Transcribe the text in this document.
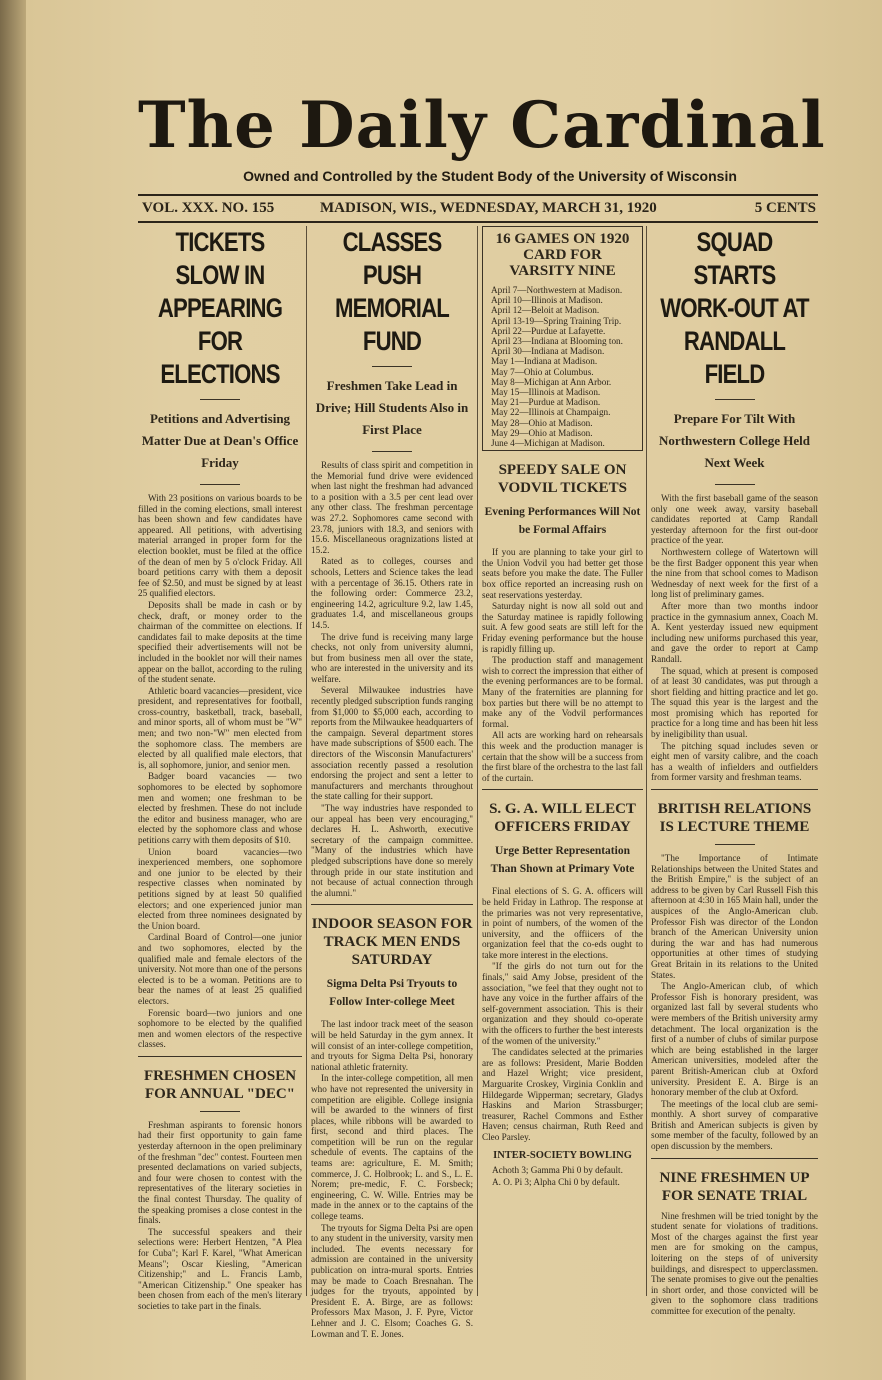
The Daily Cardinal
Owned and Controlled by the Student Body of the University of Wisconsin
VOL. XXX. NO. 155	MADISON, WIS., WEDNESDAY, MARCH 31, 1920	5 CENTS
TICKETS SLOW IN APPEARING FOR ELECTIONS
Petitions and Advertising Matter Due at Dean's Office Friday

With 23 positions on various boards to be filled in the coming elections, small interest has been shown and few candidates have appeared. All petitions, with advertising material arranged in proper form for the election booklet, must be filed at the office of the dean of men by 5 o'clock Friday. All board petitions carry with them a deposit fee of $2.50, and must be signed by at least 25 qualified electors.

Deposits shall be made in cash or by check, draft, or money order to the chairman of the committee on elections. If candidates fail to make deposits at the time specified their advertisements will not be included in the booklet nor will their names appear on the ballot, according to the ruling of the student senate.

Athletic board vacancies—president, vice president, and representatives for football, cross-country, basketball, track, baseball, and minor sports, all of whom must be "W" men; and two non-"W" men elected from the sophomore class. The members are elected by all qualified male electors, that is, all sophomore, junior, and senior men.

Badger board vacancies — two sophomores to be elected by sophomore men and women; one freshman to be elected by freshmen. These do not include the editor and business manager, who are elected by the sophomore class and whose petitions carry with them deposits of $10.

Union board vacancies—two inexperienced members, one sophomore and one junior to be elected by their respective classes when nominated by petitions signed by at least 50 qualified electors; and one experienced junior man elected from three nominees designated by the Union board.

Cardinal Board of Control—one junior and two sophomores, elected by the qualified male and female electors of the university. Not more than one of the persons elected is to be a woman. Petitions are to bear the names of at least 25 qualified electors.

Forensic board—two juniors and one sophomore to be elected by the qualified men and women electors of the respective classes.

FRESHMEN CHOSEN FOR ANNUAL "DEC"

Freshman aspirants to forensic honors had their first opportunity to gain fame yesterday afternoon in the open preliminary of the freshman "dec" contest. Fourteen men presented declamations on varied subjects, and four were chosen to contest with the representatives of the literary societies in the final contest Thursday. The quality of the speaking promises a close contest in the finals.

The successful speakers and their selections were: Herbert Hentzen, "A Plea for Cuba"; Karl F. Karel, "What American Means"; Oscar Kiesling, "American Citizenship;" and L. Francis Lamb, "American Citizenship." One speaker has been chosen from each of the men's literary societies to take part in the finals.

CLASSES PUSH MEMORIAL FUND
Freshmen Take Lead in Drive; Hill Students Also in First Place

Results of class spirit and competition in the Memorial fund drive were evidenced when last night the freshman had advanced to a position with a 3.5 per cent lead over any other class. The freshman percentage was 27.2. Sophomores came second with 23.78, juniors with 18.3, and seniors with 15.6. Miscellaneous oragnizations listed at 15.2.

Rated as to colleges, courses and schools, Letters and Science takes the lead with a percentage of 36.15. Others rate in the following order: Commerce 23.2, engineering 14.2, agriculture 9.2, law 1.45, graduates 1.4, and miscellaneous groups 14.5.

The drive fund is receiving many large checks, not only from university alumni, but from business men all over the state, who are interested in the university and its welfare.

Several Milwaukee industries have recently pledged subscription funds ranging from $1,000 to $5,000 each, according to reports from the Milwaukee headquarters of the campaign. Several department stores have made subscriptions of $500 each. The directors of the Wisconsin Manufacturers' association recently passed a resolution endorsing the project and sent a letter to manufacturers and merchants throughout the state calling for their support.

"The way industries have responded to our appeal has been very encouraging," declares H. L. Ashworth, executive secretary of the campaign committee. "Many of the industries which have pledged subscriptions have done so merely through pride in our state institution and not because of actual connection through the alumni."

INDOOR SEASON FOR TRACK MEN ENDS SATURDAY
Sigma Delta Psi Tryouts to Follow Inter-college Meet

The last indoor track meet of the season will be held Saturday in the gym annex. It will consist of an inter-college competition, and tryouts for Sigma Delta Psi, honorary national athletic fraternity.

In the inter-college competition, all men who have not represented the university in competition are eligible. College insignia will be awarded to the winners of first places, while ribbons will be awarded to first, second and third places. The competition will be run on the regular schedule of events. The captains of the teams are: agriculture, E. M. Smith; commerce, J. C. Holbrook; L. and S., L. E. Norem; pre-medic, F. C. Forsbeck; engineering, C. W. Wille. Entries may be made in the annex or to the captains of the college teams.

The tryouts for Sigma Delta Psi are open to any student in the university, varsity men included. The events necessary for admission are contained in the university publication on intra-mural sports. Entries may be made to Coach Bresnahan. The judges for the tryouts, appointed by President E. A. Birge, are as follows: Professors Max Mason, J. F. Pyre, Victor Lehner and J. C. Elsom; Coaches G. S. Lowman and T. E. Jones.

16 GAMES ON 1920 CARD FOR VARSITY NINE
April 7—Northwestern at Madison.
April 10—Illinois at Madison.
April 12—Beloit at Madison.
April 13-19—Spring Training Trip.
April 22—Purdue at Lafayette.
April 23—Indiana at Blooming ton.
April 30—Indiana at Madison.
May 1—Indiana at Madison.
May 7—Ohio at Columbus.
May 8—Michigan at Ann Arbor.
May 15—Illinois at Madison.
May 21—Purdue at Madison.
May 22—Illinois at Champaign.
May 28—Ohio at Madison.
May 29—Ohio at Madison.
June 4—Michigan at Madison.
SPEEDY SALE ON VODVIL TICKETS
Evening Performances Will Not be Formal Affairs

If you are planning to take your girl to the Union Vodvil you had better get those seats before you make the date. The Fuller box office reported an increasing rush on seat reservations yesterday.

Saturday night is now all sold out and the Saturday matinee is rapidly following suit. A few good seats are still left for the Friday evening performance but the house is rapidly filling up.

The production staff and management wish to correct the impression that either of the evening performances are to be formal. Many of the fraternities are planning for box parties but there will be no attempt to make any of the Vodvil performances formal.

All acts are working hard on rehearsals this week and the production manager is certain that the show will be a success from the first blare of the orchestra to the last fall of the curtain.

S. G. A. WILL ELECT OFFICERS FRIDAY
Urge Better Representation Than Shown at Primary Vote

Final elections of S. G. A. officers will be held Friday in Lathrop. The response at the primaries was not very representative, in point of numbers, of the women of the university, and the offiicers of the organization feel that the co-eds ought to take more interest in the elections.

"If the girls do not turn out for the finals," said Amy Jobse, president of the association, "we feel that they ought not to have any voice in the further affairs of the self-government association. This is their organization and they should co-operate with the officers to further the best interests of the women of the university."

The candidates selected at the primaries are as follows: President, Marie Bodden and Hazel Wright; vice president, Marguarite Croskey, Virginia Conklin and Hildegarde Wipperman; secretary, Gladys Haskins and Marion Strassburger; treasurer, Rachel Commons and Esther Haven; census chairman, Ruth Reed and Cleo Parsley.

INTER-SOCIETY BOWLING

Achoth 3; Gamma Phi 0 by default.

A. O. Pi 3; Alpha Chi 0 by default.

SQUAD STARTS WORK-OUT AT RANDALL FIELD
Prepare For Tilt With Northwestern College Held Next Week

With the first baseball game of the season only one week away, varsity baseball candidates reported at Camp Randall yesterday afternoon for the first out-door practice of the year.

Northwestern college of Watertown will be the first Badger opponent this year when the nine from that school comes to Madison Wednesday of next week for the first of a long list of preliminary games.

After more than two months indoor practice in the gymnasium annex, Coach M. A. Kent yesterday issued new equipment including new uniforms purchased this year, and gave the order to report at Camp Randall.

The squad, which at present is composed of at least 30 candidates, was put through a short fielding and hitting practice and let go. The squad this year is the largest and the most promising which has reported for practice for a long time and has been hit less by ineligibility than usual.

The pitching squad includes seven or eight men of varsity calibre, and the coach has a wealth of infielders and outfielders from former varsity and freshman teams.

BRITISH RELATIONS IS LECTURE THEME

"The Importance of Intimate Relationships between the United States and the British Empire," is the subject of an address to be given by Carl Russell Fish this afternoon at 4:30 in 165 Main hall, under the auspices of the Anglo-American club. Professor Fish was director of the London branch of the American University union during the war and has had numerous opportunities at other times of studying Great Britain in its relations to the United States.

The Anglo-American club, of which Professor Fish is honorary president, was organized last fall by several students who were members of the British university army detachment. The local organization is the first of a number of clubs of similar purpose which are being established in the larger American universities, modeled after the parent British-American club at Oxford university. President E. A. Birge is an honorary member of the club at Oxford.

The meetings of the local club are semi-monthly. A short survey of comparative British and American subjects is given by some member of the faculty, followed by an open discussion by the members.

NINE FRESHMEN UP FOR SENATE TRIAL

Nine freshmen will be tried tonight by the student senate for violations of traditions. Most of the charges against the first year men are for smoking on the campus, loitering on the steps of of university buildings, and disrespect to upperclassmen. The senate promises to give out the penalties in short order, and those convicted will be given to the sophomore class traditions committee for execution of the penalty.
